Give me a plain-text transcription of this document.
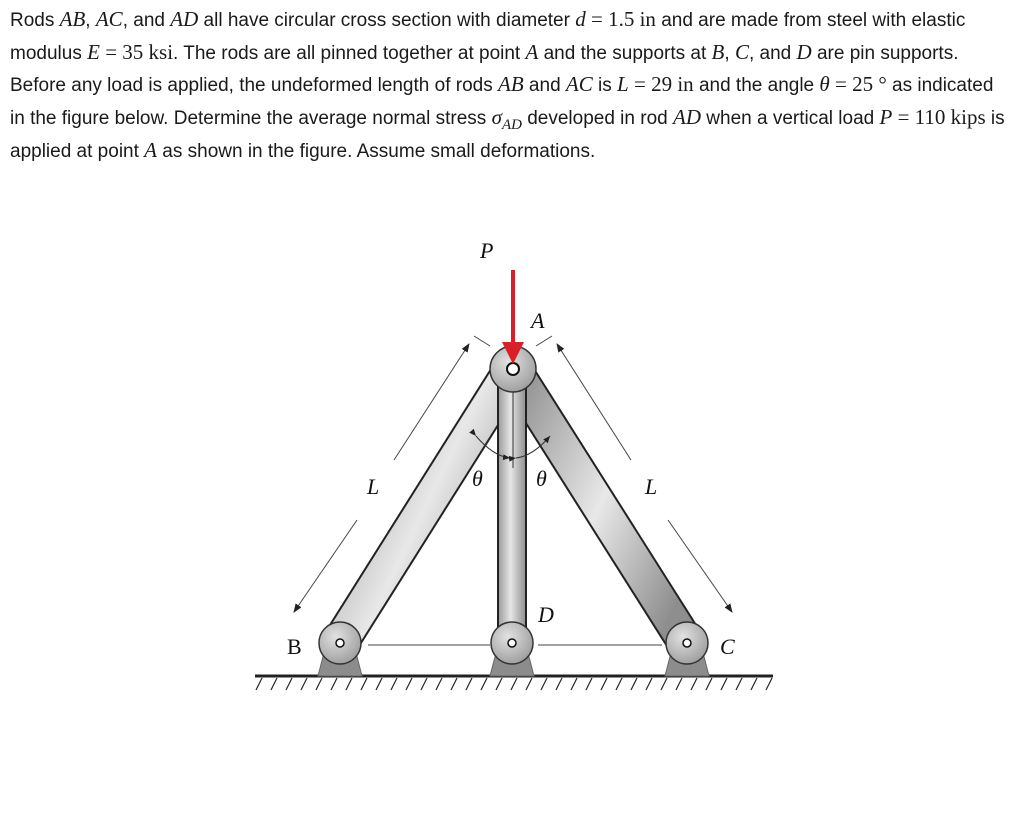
Rods AB, AC, and AD all have circular cross section with diameter d = 1.5 in and are made from steel with elastic modulus E = 35 ksi. The rods are all pinned together at point A and the supports at B, C, and D are pin supports. Before any load is applied, the undeformed length of rods AB and AC is L = 29 in and the angle θ = 25 ° as indicated in the figure below. Determine the average normal stress $\sigma_{AD}$ developed in rod AD when a vertical load P = 110 kips is applied at point A as shown in the figure. Assume small deformations.
P
A
B	C
D
L	L
θ θ
